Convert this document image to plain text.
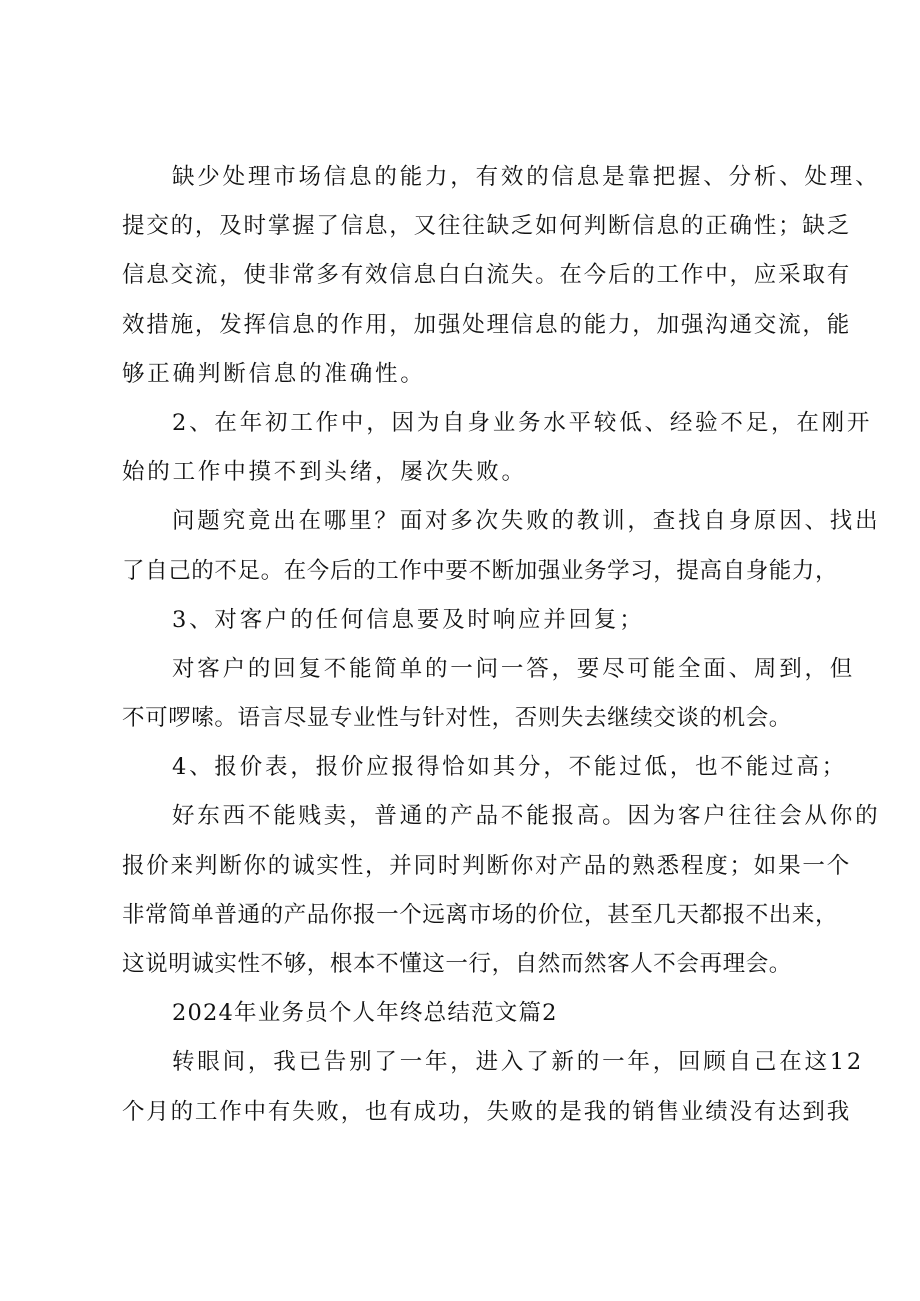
缺少处理市场信息的能力，有效的信息是靠把握、分析、处理、
提交的，及时掌握了信息，又往往缺乏如何判断信息的正确性；缺乏
信息交流，使非常多有效信息白白流失。在今后的工作中，应采取有
效措施，发挥信息的作用，加强处理信息的能力，加强沟通交流，能
够正确判断信息的准确性。
2、在年初工作中，因为自身业务水平较低、经验不足，在刚开
始的工作中摸不到头绪，屡次失败。
问题究竟出在哪里？面对多次失败的教训，查找自身原因、找出
了自己的不足。在今后的工作中要不断加强业务学习，提高自身能力，
3、对客户的任何信息要及时响应并回复；
对客户的回复不能简单的一问一答，要尽可能全面、周到，但
不可啰嗦。语言尽显专业性与针对性，否则失去继续交谈的机会。
4、报价表，报价应报得恰如其分，不能过低，也不能过高；
好东西不能贱卖，普通的产品不能报高。因为客户往往会从你的
报价来判断你的诚实性，并同时判断你对产品的熟悉程度；如果一个
非常简单普通的产品你报一个远离市场的价位，甚至几天都报不出来，
这说明诚实性不够，根本不懂这一行，自然而然客人不会再理会。
2024年业务员个人年终总结范文篇2
转眼间，我已告别了一年，进入了新的一年，回顾自己在这12
个月的工作中有失败，也有成功，失败的是我的销售业绩没有达到我
